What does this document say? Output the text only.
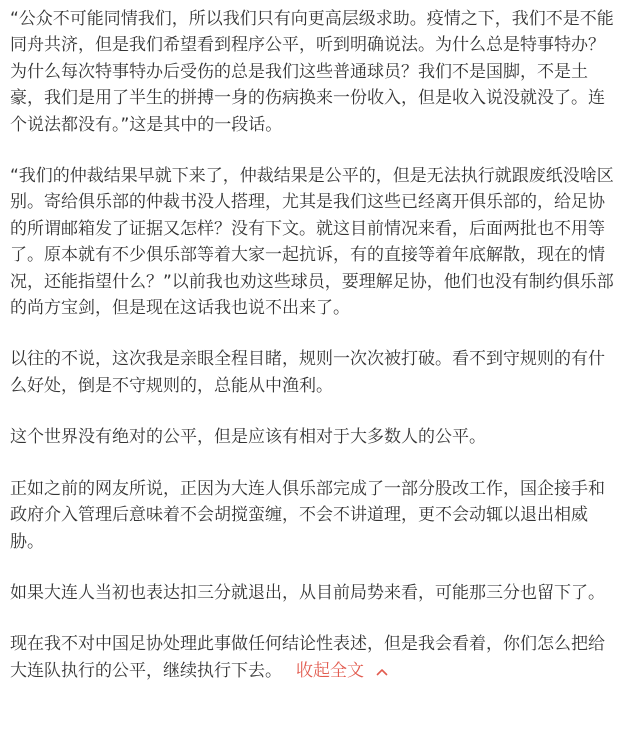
“公众不可能同情我们，所以我们只有向更高层级求助。疫情之下，我们不是不能同舟共济，但是我们希望看到程序公平，听到明确说法。为什么总是特事特办？为什么每次特事特办后受伤的总是我们这些普通球员？我们不是国脚，不是土豪，我们是用了半生的拼搏一身的伤病换来一份收入，但是收入说没就没了。连个说法都没有。”这是其中的一段话。

“我们的仲裁结果早就下来了，仲裁结果是公平的，但是无法执行就跟废纸没啥区别。寄给俱乐部的仲裁书没人搭理，尤其是我们这些已经离开俱乐部的，给足协的所谓邮箱发了证据又怎样？没有下文。就这目前情况来看，后面两批也不用等了。原本就有不少俱乐部等着大家一起抗诉，有的直接等着年底解散，现在的情况，还能指望什么？”以前我也劝这些球员，要理解足协，他们也没有制约俱乐部的尚方宝剑，但是现在这话我也说不出来了。

以往的不说，这次我是亲眼全程目睹，规则一次次被打破。看不到守规则的有什么好处，倒是不守规则的，总能从中渔利。

这个世界没有绝对的公平，但是应该有相对于大多数人的公平。

正如之前的网友所说，正因为大连人俱乐部完成了一部分股改工作，国企接手和政府介入管理后意味着不会胡搅蛮缠，不会不讲道理，更不会动辄以退出相威胁。

如果大连人当初也表达扣三分就退出，从目前局势来看，可能那三分也留下了。

现在我不对中国足协处理此事做任何结论性表述，但是我会看着，你们怎么把给大连队执行的公平，继续执行下去。 收起全文
